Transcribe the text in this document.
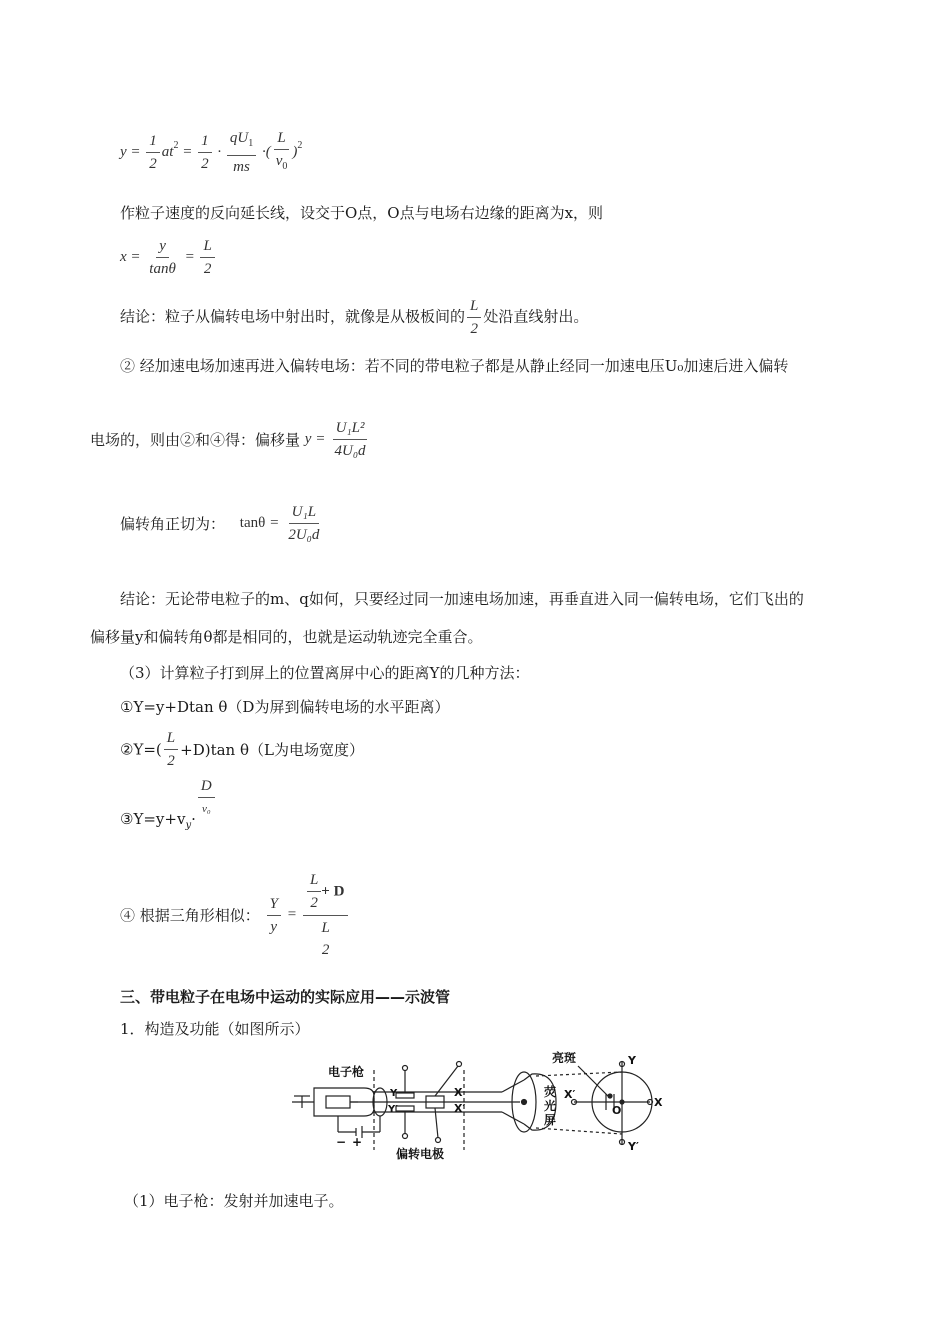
$y = \frac{1}{2} at^2 = \frac{1}{2} \cdot \frac{qU_1}{ms}$ ·( $\frac{L}{v_0} )^2$
作粒子速度的反向延长线，设交于O点，O点与电场右边缘的距离为x，则
$x = \frac{y}{\tan\theta} = \frac{L}{2}$
结论：粒子从偏转电场中射出时，就像是从极板间的 $\frac{L}{2}$ 处沿直线射出。
② 经加速电场加速再进入偏转电场：若不同的带电粒子都是从静止经同一加速电压U₀加速后进入偏转
电场的，则由②和④得：偏移量 $y = \frac{\text{U₁L²}}{\text{4U₀d}}$
偏转角正切为： $\tan\theta = \frac{\text{U₁L}}{\text{2U₀d}}$
结论：无论带电粒子的m、q如何，只要经过同一加速电场加速，再垂直进入同一偏转电场，它们飞出的
偏移量y和偏转角θ都是相同的，也就是运动轨迹完全重合。
（3）计算粒子打到屏上的位置离屏中心的距离Y的几种方法：
①Y=y+Dtan θ（D为屏到偏转电场的水平距离）
②Y=( $\frac{L}{2} +D)\tan$ θ（L为电场宽度）
$③Y=y+v_y\cdot \frac{D}{\text{v₀}}$
④ 根据三角形相似： $\frac{Y}{y} = \frac{L}{2} + D$
L
2
三、带电粒子在电场中运动的实际应用——示波管
1．构造及功能（如图所示）
电子枪
偏转电极
亮斑
− +
Y
Y′
X
X′
荧光屏
X′
Y
Y′
X
O
（1）电子枪：发射并加速电子。
